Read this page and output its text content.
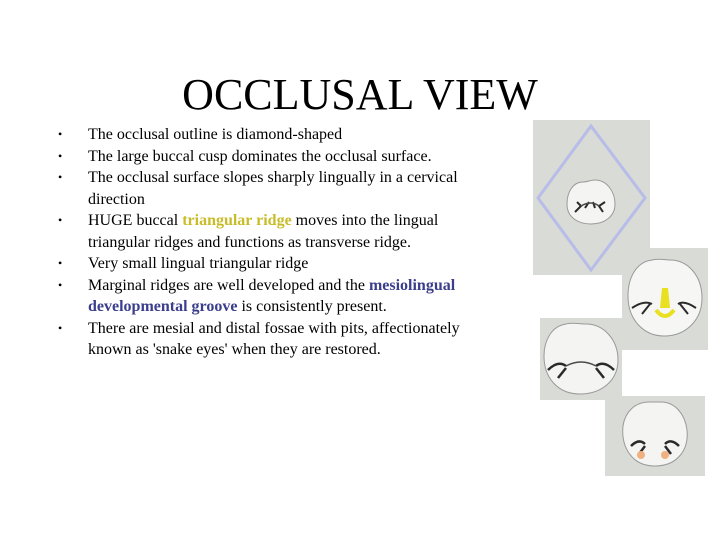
OCCLUSAL VIEW
• The occlusal outline is diamond-shaped
• The large buccal cusp dominates the occlusal surface.
• The occlusal surface slopes sharply lingually in a cervical direction
• HUGE buccal triangular ridge moves into the lingual triangular ridges and functions as transverse ridge.
• Very small lingual triangular ridge
• Marginal ridges are well developed and the mesiolingual developmental groove is consistently present.
• There are mesial and distal fossae with pits, affectionately known as 'snake eyes' when they are restored.
